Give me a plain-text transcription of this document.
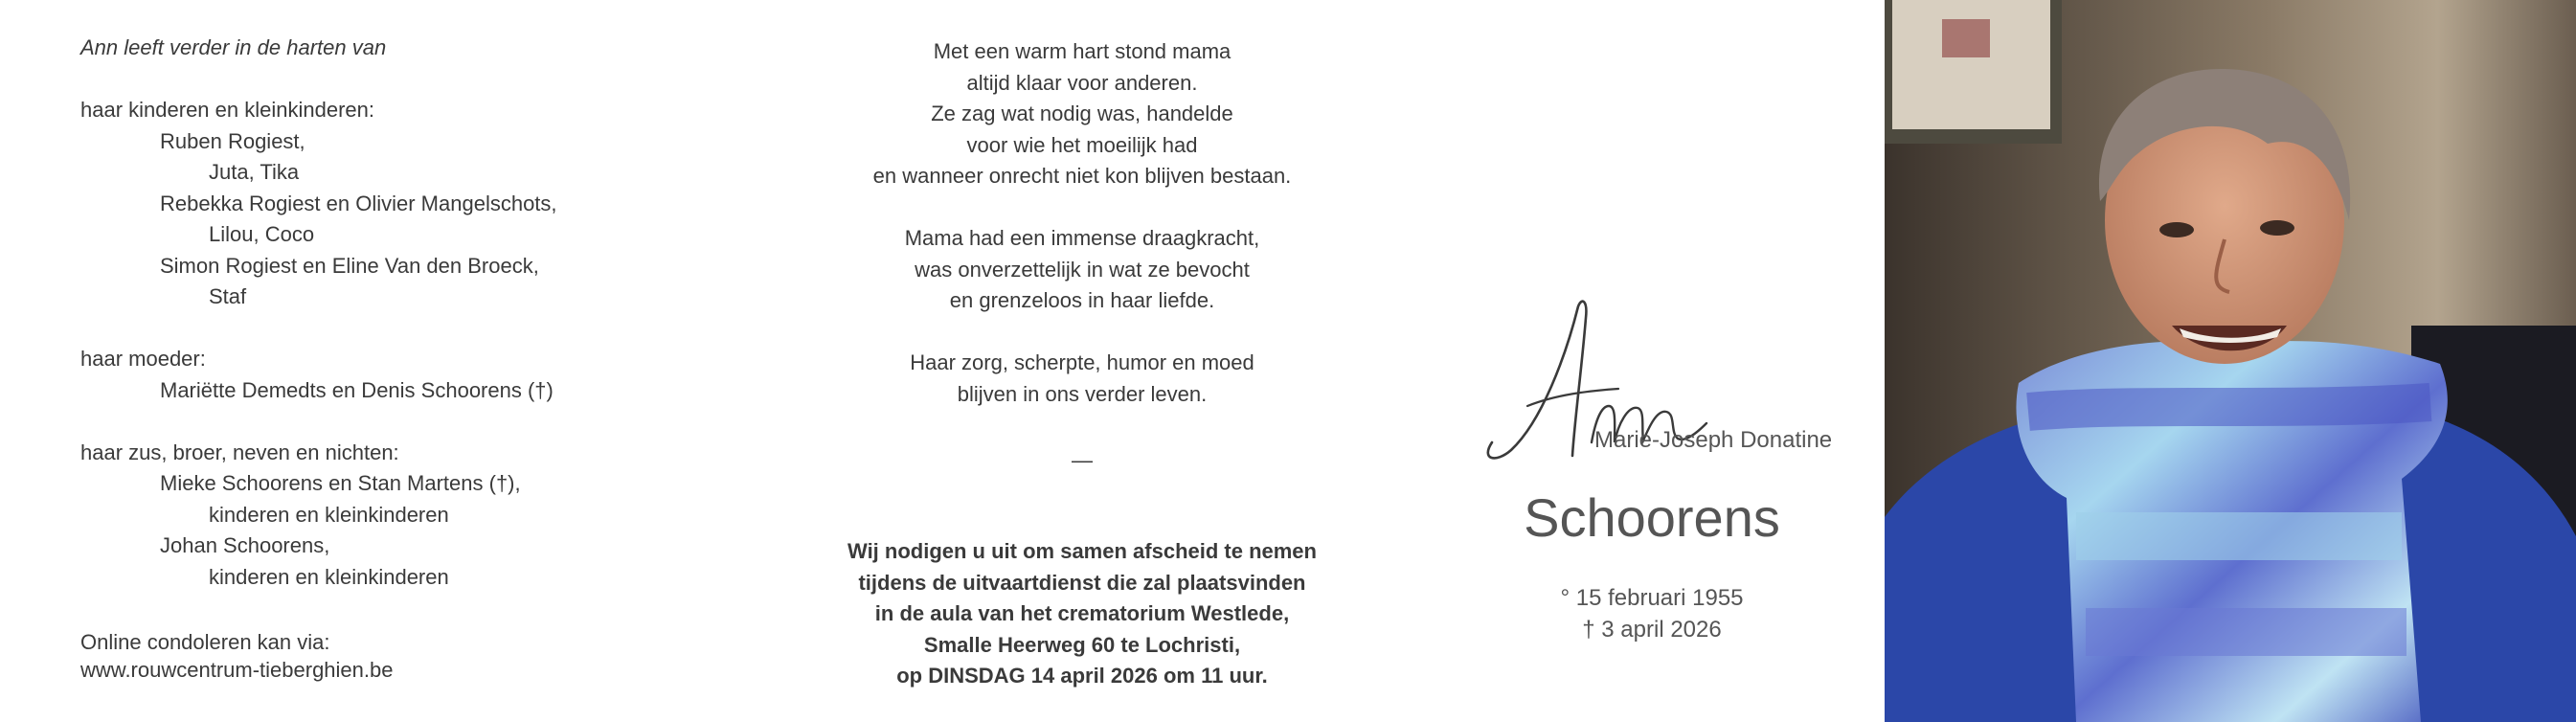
Ann leeft verder in de harten van
haar kinderen en kleinkinderen:
Ruben Rogiest,
Juta, Tika
Rebekka Rogiest en Olivier Mangelschots,
Lilou, Coco
Simon Rogiest en Eline Van den Broeck,
Staf
haar moeder:
Mariëtte Demedts en Denis Schoorens (†)
haar zus, broer, neven en nichten:
Mieke Schoorens en Stan Martens (†),
kinderen en kleinkinderen
Johan Schoorens,
kinderen en kleinkinderen
Online condoleren kan via:
www.rouwcentrum-tieberghien.be
Met een warm hart stond mama
altijd klaar voor anderen.
Ze zag wat nodig was, handelde
voor wie het moeilijk had
en wanneer onrecht niet kon blijven bestaan.
Mama had een immense draagkracht,
was onverzettelijk in wat ze bevocht
en grenzeloos in haar liefde.
Haar zorg, scherpte, humor en moed
blijven in ons verder leven.
—
Wij nodigen u uit om samen afscheid te nemen
tijdens de uitvaartdienst die zal plaatsvinden
in de aula van het crematorium Westlede,
Smalle Heerweg 60 te Lochristi,
op DINSDAG 14 april 2026 om 11 uur.
Marie-Joseph Donatine
Schoorens
° 15 februari 1955
† 3 april 2026
